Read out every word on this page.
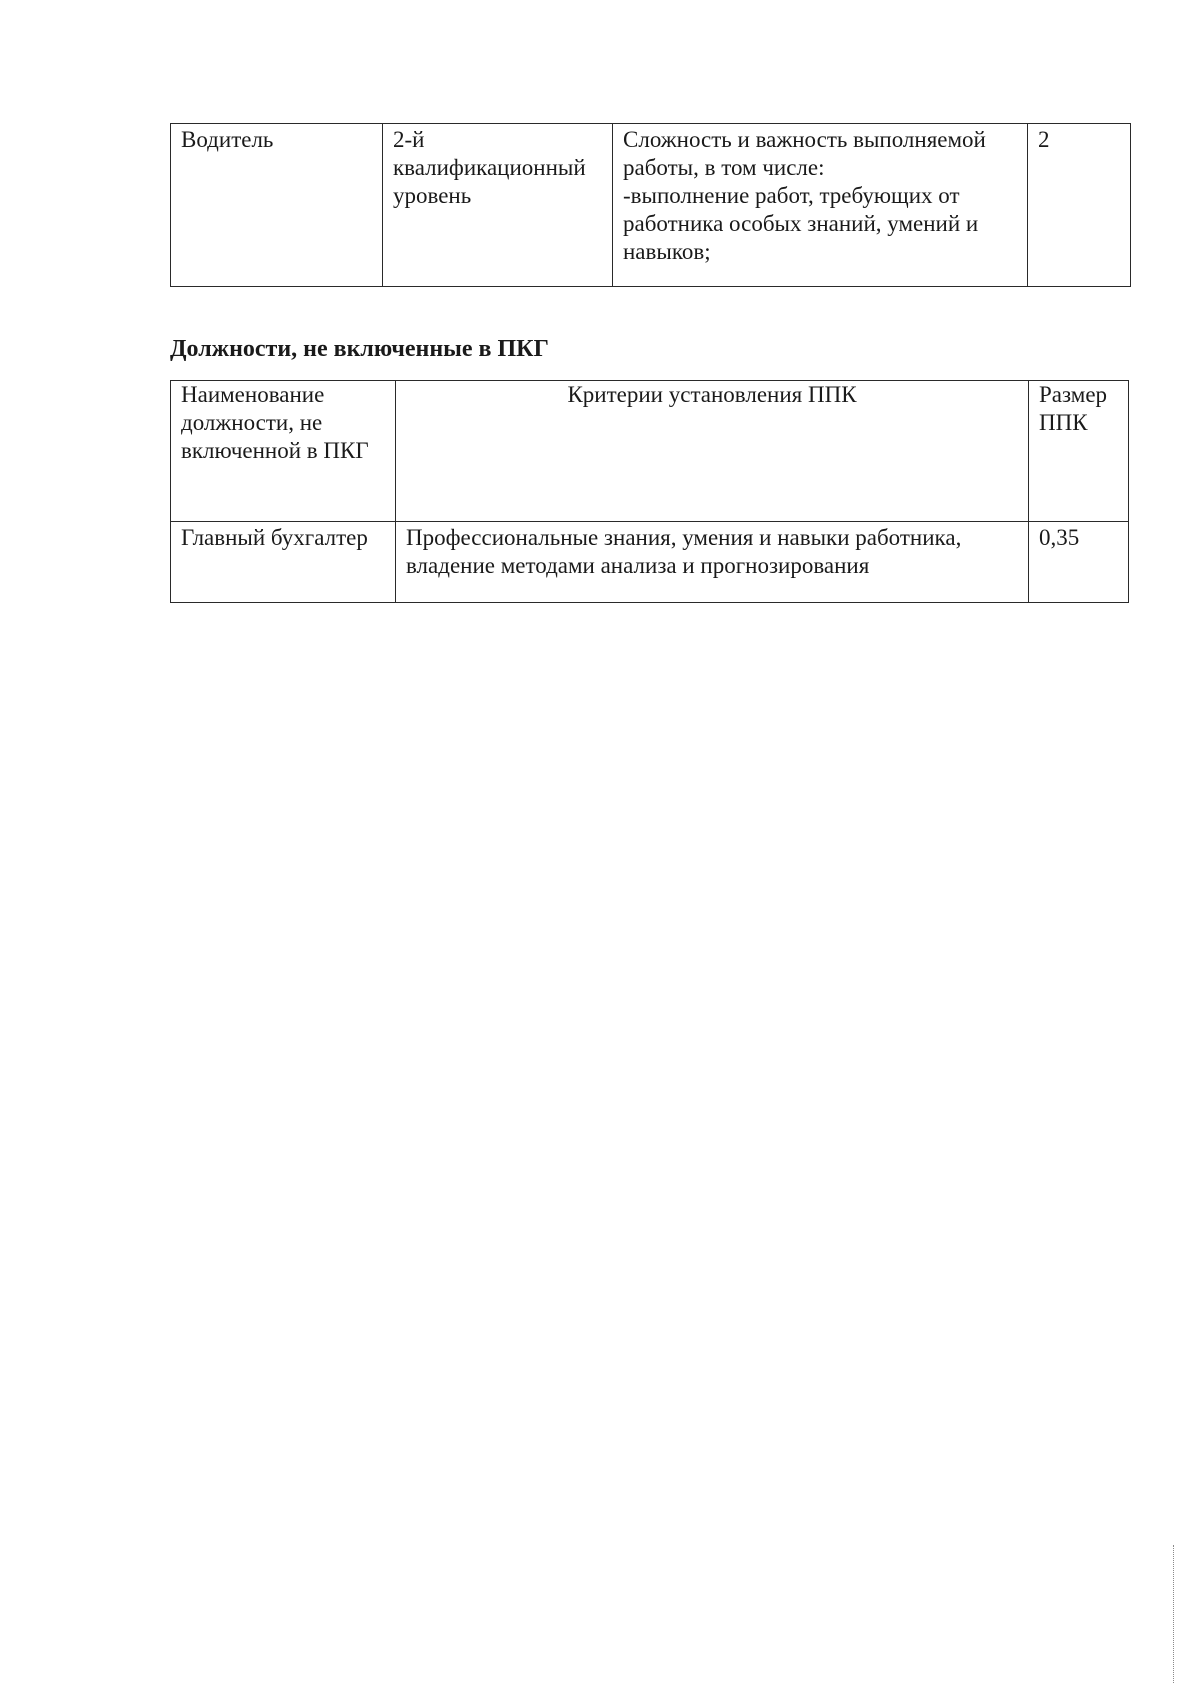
Водитель	2-й
квалификационный
уровень	Сложность и важность выполняемой
работы, в том числе:
-выполнение работ, требующих от
работника особых знаний, умений и
навыков;	2
Должности, не включенные в ПКГ
Наименование
должности, не
включенной в ПКГ	Критерии установления ППК	Размер
ППК
Главный бухгалтер	Профессиональные знания, умения и навыки работника,
владение методами анализа и прогнозирования	0,35
